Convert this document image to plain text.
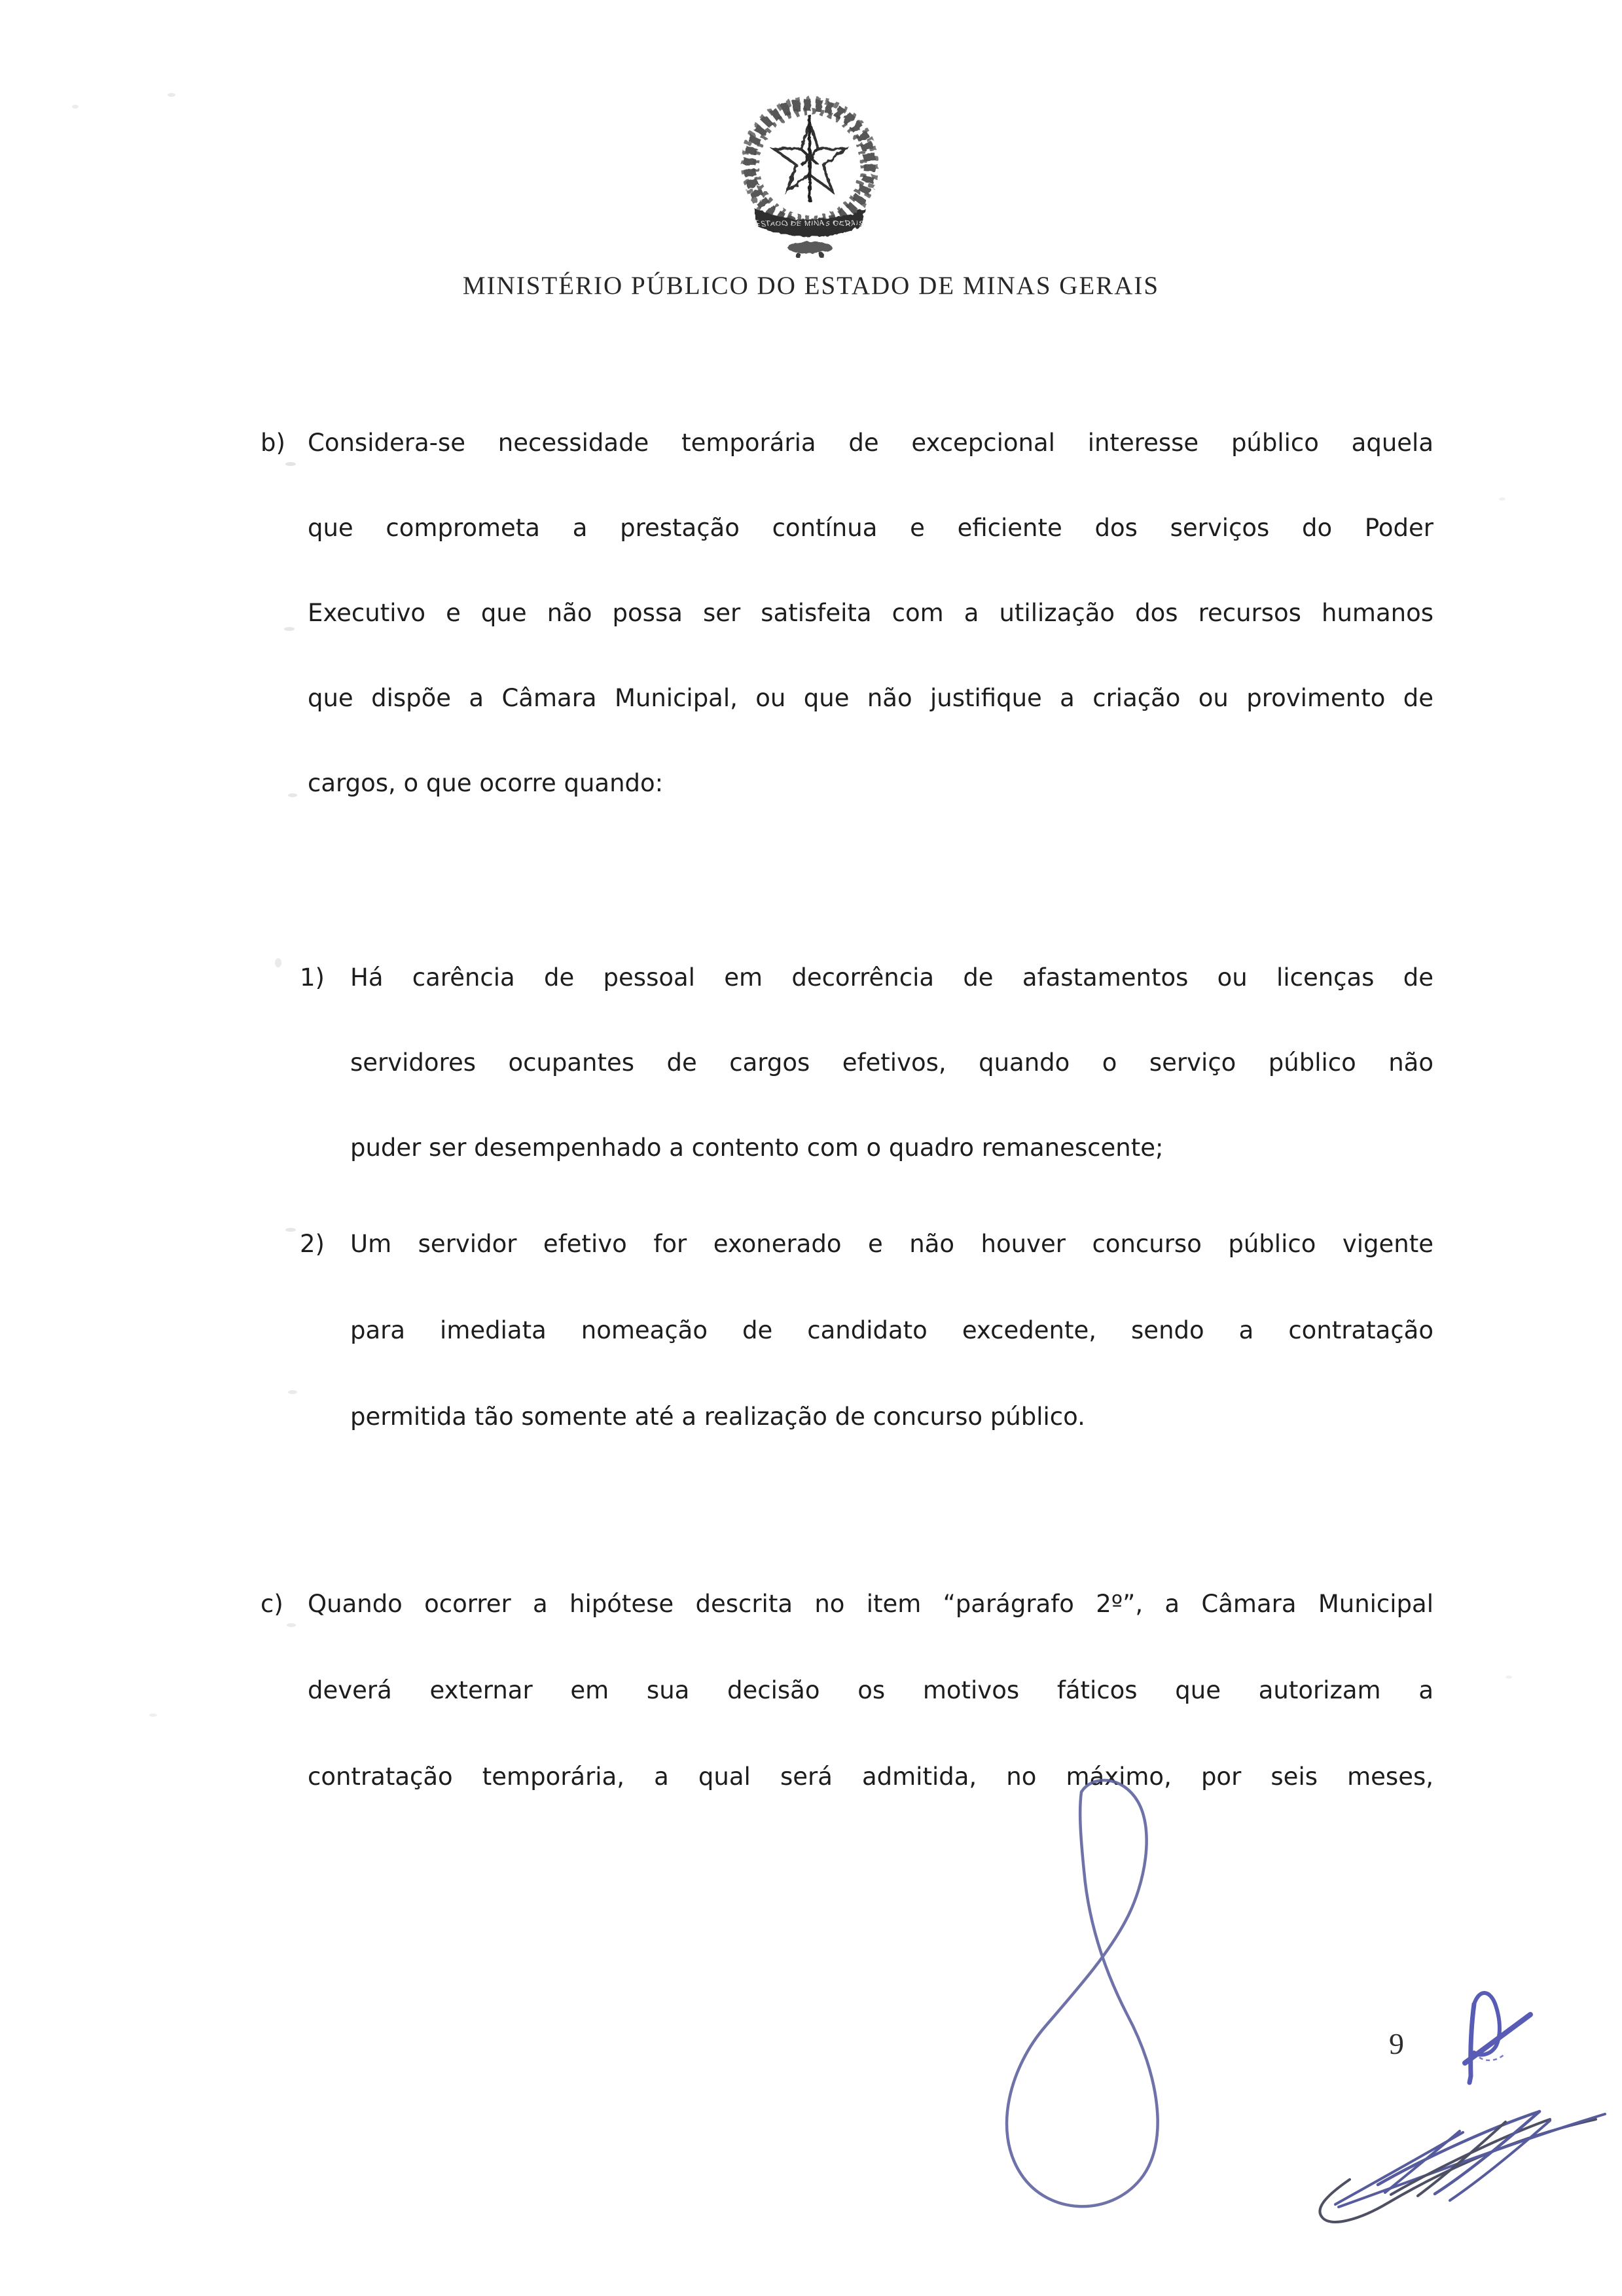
ESTADO DE MINAS GERAIS
MINISTÉRIO PÚBLICO DO ESTADO DE MINAS GERAIS
b) Considera-se necessidade temporária de excepcional interesse público aquela
que comprometa a prestação contínua e eficiente dos serviços do Poder
Executivo e que não possa ser satisfeita com a utilização dos recursos humanos
que dispõe a Câmara Municipal, ou que não justifique a criação ou provimento de
cargos, o que ocorre quando:
1) Há carência de pessoal em decorrência de afastamentos ou licenças de
servidores ocupantes de cargos efetivos, quando o serviço público não
puder ser desempenhado a contento com o quadro remanescente;
2) Um servidor efetivo for exonerado e não houver concurso público vigente
para imediata nomeação de candidato excedente, sendo a contratação
permitida tão somente até a realização de concurso público.
c) Quando ocorrer a hipótese descrita no item “parágrafo 2º”, a Câmara Municipal
deverá externar em sua decisão os motivos fáticos que autorizam a
contratação temporária, a qual será admitida, no máximo, por seis meses,
9
